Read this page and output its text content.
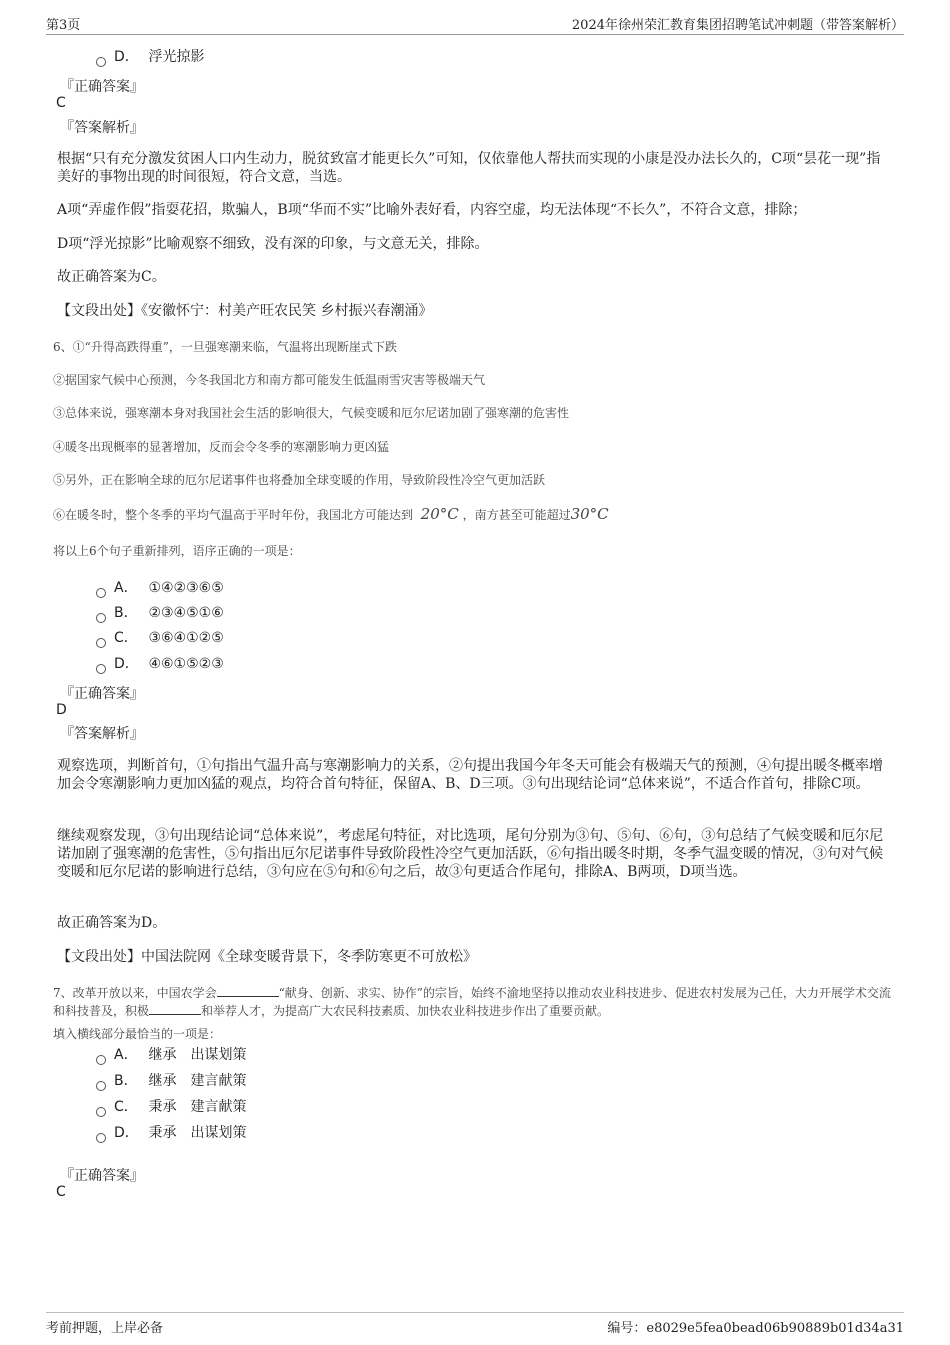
第3页	2024年徐州荣汇教育集团招聘笔试冲刺题（带答案解析）
D． 浮光掠影
『正确答案』
C
『答案解析』
根据“只有充分激发贫困人口内生动力，脱贫致富才能更长久”可知，仅依靠他人帮扶而实现的小康是没办法长久的，C项“昙花一现”指美好的事物出现的时间很短，符合文意，当选。
A项“弄虚作假”指耍花招，欺骗人，B项“华而不实”比喻外表好看，内容空虚，均无法体现“不长久”，不符合文意，排除；
D项“浮光掠影”比喻观察不细致，没有深的印象，与文意无关，排除。
故正确答案为C。
【文段出处】《安徽怀宁：村美产旺农民笑 乡村振兴春潮涌》
6、①“升得高跌得重”，一旦强寒潮来临，气温将出现断崖式下跌
②据国家气候中心预测，今冬我国北方和南方都可能发生低温雨雪灾害等极端天气
③总体来说，强寒潮本身对我国社会生活的影响很大，气候变暖和厄尔尼诺加剧了强寒潮的危害性
④暖冬出现概率的显著增加，反而会令冬季的寒潮影响力更凶猛
⑤另外，正在影响全球的厄尔尼诺事件也将叠加全球变暖的作用，导致阶段性冷空气更加活跃
⑥在暖冬时，整个冬季的平均气温高于平时年份，我国北方可能达到 20°C ，南方甚至可能超过30°C
将以上6个句子重新排列，语序正确的一项是：
A． ①④②③⑥⑤
B． ②③④⑤①⑥
C． ③⑥④①②⑤
D． ④⑥①⑤②③
『正确答案』
D
『答案解析』
观察选项，判断首句，①句指出气温升高与寒潮影响力的关系，②句提出我国今年冬天可能会有极端天气的预测，④句提出暖冬概率增加会令寒潮影响力更加凶猛的观点，均符合首句特征，保留A、B、D三项。③句出现结论词“总体来说”，不适合作首句，排除C项。
继续观察发现，③句出现结论词“总体来说”，考虑尾句特征，对比选项，尾句分别为③句、⑤句、⑥句，③句总结了气候变暖和厄尔尼诺加剧了强寒潮的危害性，⑤句指出厄尔尼诺事件导致阶段性冷空气更加活跃，⑥句指出暖冬时期，冬季气温变暖的情况，③句对气候变暖和厄尔尼诺的影响进行总结，③句应在⑤句和⑥句之后，故③句更适合作尾句，排除A、B两项，D项当选。
故正确答案为D。
【文段出处】中国法院网《全球变暖背景下，冬季防寒更不可放松》
7、改革开放以来，中国农学会	“献身、创新、求实、协作”的宗旨，始终不渝地坚持以推动农业科技进步、促进农村发展为己任，大力开展学术交流和科技普及，积极	和举荐人才，为提高广大农民科技素质、加快农业科技进步作出了重要贡献。
填入横线部分最恰当的一项是：
A． 继承　出谋划策
B． 继承　建言献策
C． 秉承　建言献策
D． 秉承　出谋划策
『正确答案』
C
考前押题，上岸必备	编号：e8029e5fea0bead06b90889b01d34a31
